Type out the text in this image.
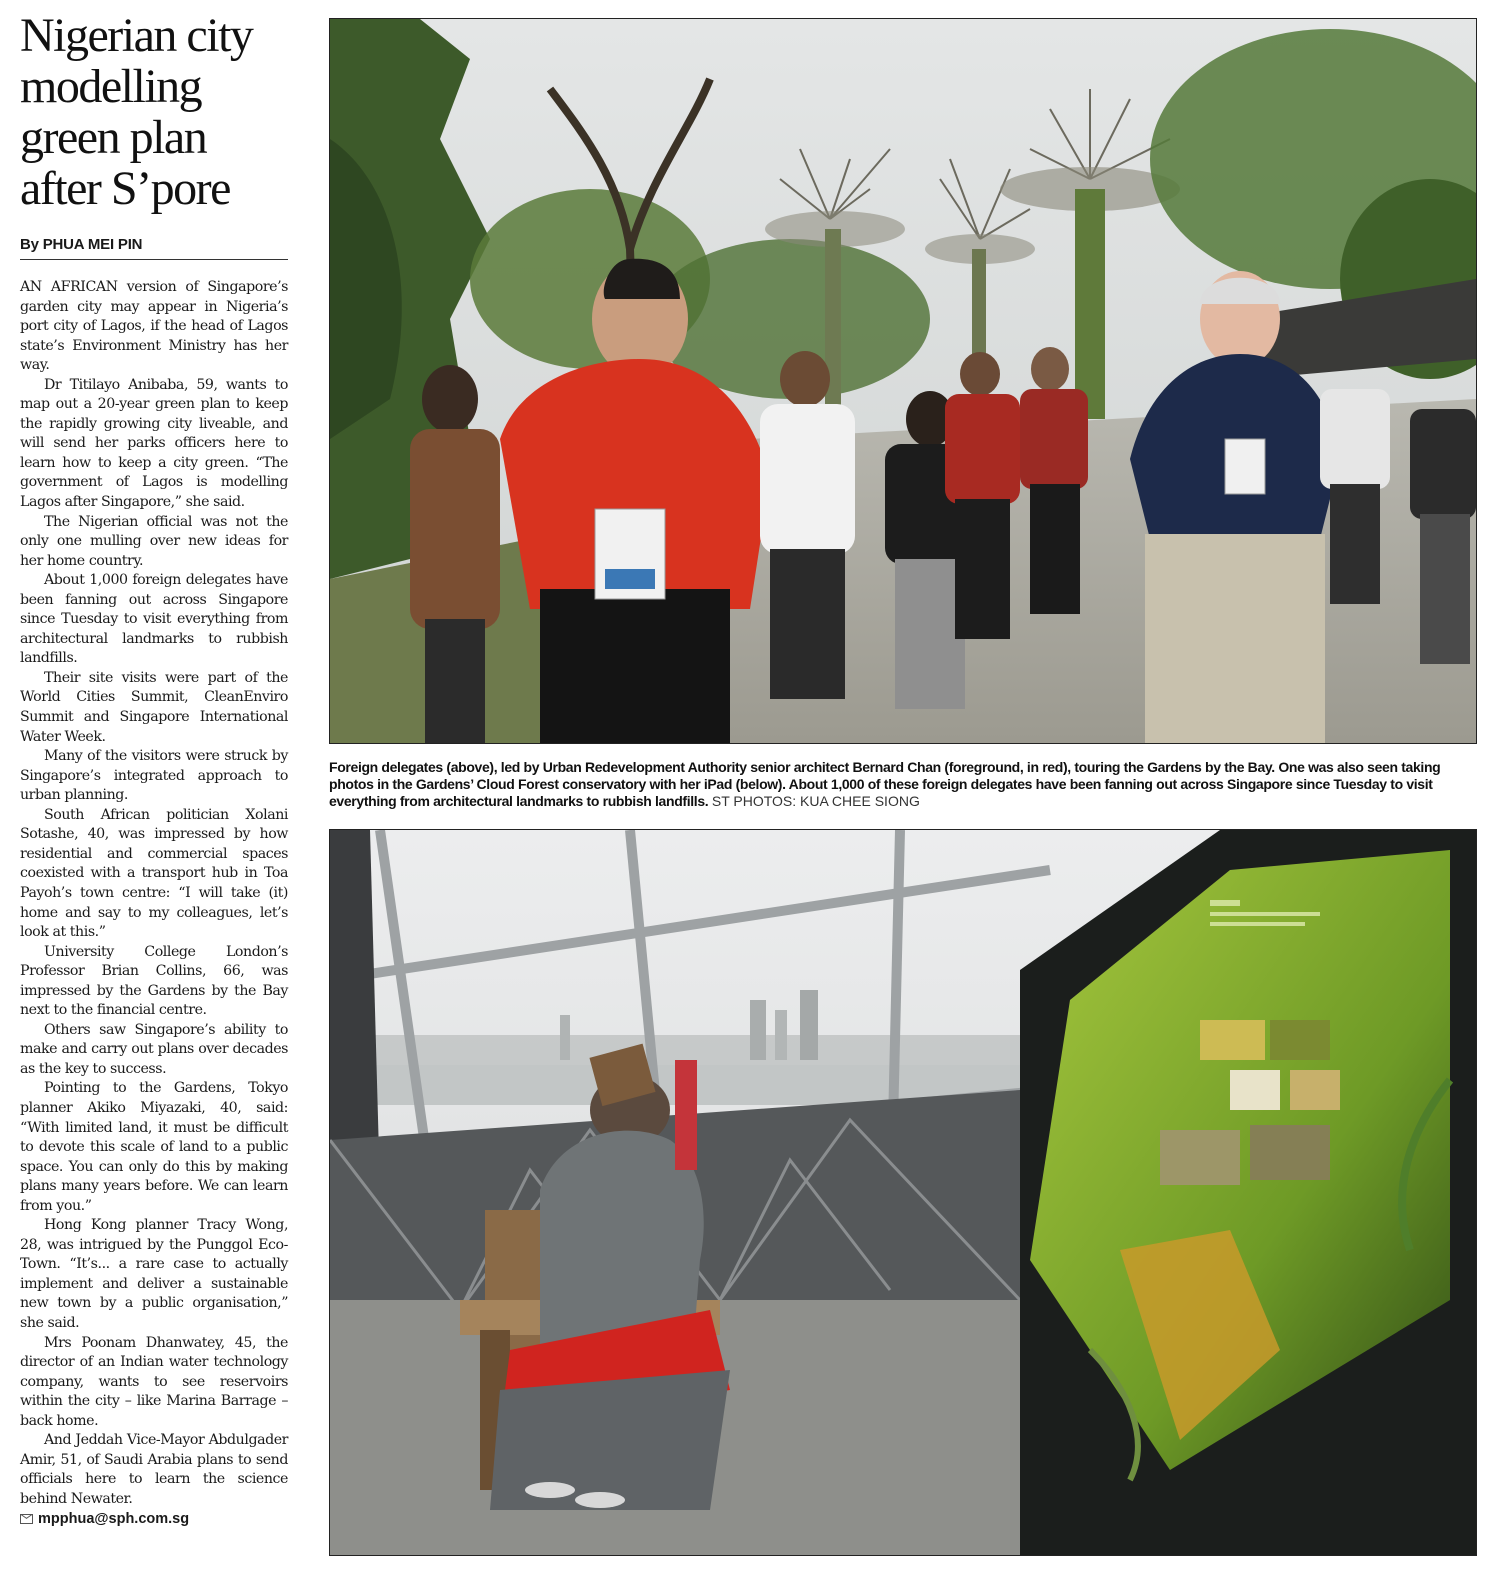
Nigerian city modelling green plan after S’pore
By PHUA MEI PIN

AN AFRICAN version of Singapore’s garden city may appear in Nigeria’s port city of Lagos, if the head of Lagos state’s Environment Ministry has her way.

Dr Titilayo Anibaba, 59, wants to map out a 20-year green plan to keep the rapidly growing city liveable, and will send her parks officers here to learn how to keep a city green. “The government of Lagos is modelling Lagos after Singapore,” she said.

The Nigerian official was not the only one mulling over new ideas for her home country.

About 1,000 foreign delegates have been fanning out across Singapore since Tuesday to visit everything from architectural landmarks to rubbish landfills.

Their site visits were part of the World Cities Summit, CleanEnviro Summit and Singapore International Water Week.

Many of the visitors were struck by Singapore’s integrated approach to urban planning.

South African politician Xolani Sotashe, 40, was impressed by how residential and commercial spaces coexisted with a transport hub in Toa Payoh’s town centre: “I will take (it) home and say to my colleagues, let’s look at this.”

University College London’s Professor Brian Collins, 66, was impressed by the Gardens by the Bay next to the financial centre.

Others saw Singapore’s ability to make and carry out plans over decades as the key to success.

Pointing to the Gardens, Tokyo planner Akiko Miyazaki, 40, said: “With limited land, it must be difficult to devote this scale of land to a public space. You can only do this by making plans many years before. We can learn from you.”

Hong Kong planner Tracy Wong, 28, was intrigued by the Punggol Eco-Town. “It’s... a rare case to actually implement and deliver a sustainable new town by a public organisation,” she said.

Mrs Poonam Dhanwatey, 45, the director of an Indian water technology company, wants to see reservoirs within the city – like Marina Barrage – back home.

And Jeddah Vice-Mayor Abdulgader Amir, 51, of Saudi Arabia plans to send officials here to learn the science behind Newater.

mpphua@sph.com.sg
Foreign delegates (above), led by Urban Redevelopment Authority senior architect Bernard Chan (foreground, in red), touring the Gardens by the Bay. One was also seen taking photos in the Gardens’ Cloud Forest conservatory with her iPad (below). About 1,000 of these foreign delegates have been fanning out across Singapore since Tuesday to visit everything from architectural landmarks to rubbish landfills. ST PHOTOS: KUA CHEE SIONG
